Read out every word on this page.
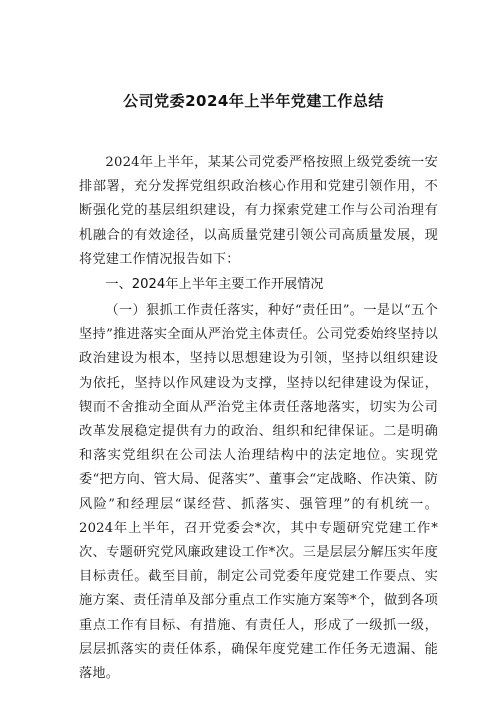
公司党委2024年上半年党建工作总结

2024年上半年，某某公司党委严格按照上级党委统一安排部署，充分发挥党组织政治核心作用和党建引领作用，不断强化党的基层组织建设，有力探索党建工作与公司治理有机融合的有效途径，以高质量党建引领公司高质量发展，现将党建工作情况报告如下：

一、2024年上半年主要工作开展情况

（一）狠抓工作责任落实，种好“责任田”。一是以“五个坚持”推进落实全面从严治党主体责任。公司党委始终坚持以政治建设为根本，坚持以思想建设为引领，坚持以组织建设为依托，坚持以作风建设为支撑，坚持以纪律建设为保证，锲而不舍推动全面从严治党主体责任落地落实，切实为公司改革发展稳定提供有力的政治、组织和纪律保证。二是明确和落实党组织在公司法人治理结构中的法定地位。实现党委“把方向、管大局、促落实”、董事会“定战略、作决策、防风险”和经理层“谋经营、抓落实、强管理”的有机统一。2024年上半年，召开党委会*次，其中专题研究党建工作*次、专题研究党风廉政建设工作*次。三是层层分解压实年度目标责任。截至目前，制定公司党委年度党建工作要点、实施方案、责任清单及部分重点工作实施方案等*个，做到各项重点工作有目标、有措施、有责任人，形成了一级抓一级，层层抓落实的责任体系，确保年度党建工作任务无遗漏、能落地。
